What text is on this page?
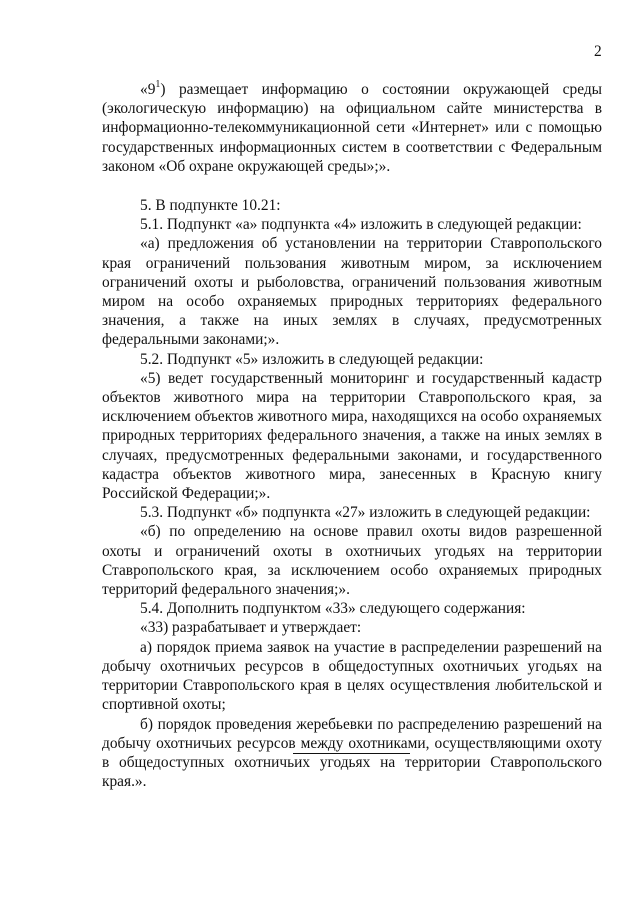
2

«$9^1$) размещает информацию о состоянии окружающей среды (экологическую информацию) на официальном сайте министерства в информационно-телекоммуникационной сети «Интернет» или с помощью государственных информационных систем в соответствии с Федеральным законом «Об охране окружающей среды»;».

5. В подпункте 10.21:

5.1. Подпункт «а» подпункта «4» изложить в следующей редакции:

«а) предложения об установлении на территории Ставропольского края ограничений пользования животным миром, за исключением ограничений охоты и рыболовства, ограничений пользования животным миром на особо охраняемых природных территориях федерального значения, а также на иных землях в случаях, предусмотренных федеральными законами;».

5.2. Подпункт «5» изложить в следующей редакции:

«5) ведет государственный мониторинг и государственный кадастр объектов животного мира на территории Ставропольского края, за исключением объектов животного мира, находящихся на особо охраняемых природных территориях федерального значения, а также на иных землях в случаях, предусмотренных федеральными законами, и государственного кадастра объектов животного мира, занесенных в Красную книгу Российской Федерации;».

5.3. Подпункт «б» подпункта «27» изложить в следующей редакции:

«б) по определению на основе правил охоты видов разрешенной охоты и ограничений охоты в охотничьих угодьях на территории Ставропольского края, за исключением особо охраняемых природных территорий федерального значения;».

5.4. Дополнить подпунктом «33» следующего содержания:

«33) разрабатывает и утверждает:

а) порядок приема заявок на участие в распределении разрешений на добычу охотничьих ресурсов в общедоступных охотничьих угодьях на территории Ставропольского края в целях осуществления любительской и спортивной охоты;

б) порядок проведения жеребьевки по распределению разрешений на добычу охотничьих ресурсов между охотниками, осуществляющими охоту в общедоступных охотничьих угодьях на территории Ставропольского края.».
